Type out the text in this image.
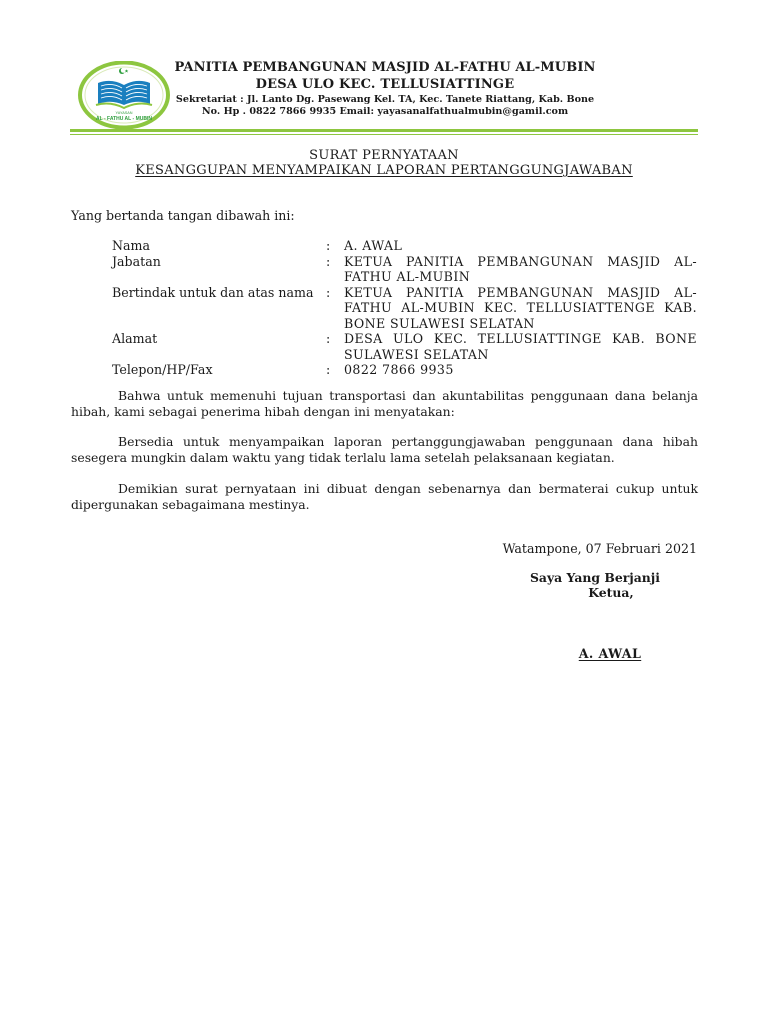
YAYASAN
AL - FATHU AL - MUBIN
PANITIA PEMBANGUNAN MASJID AL-FATHU AL-MUBIN
DESA ULO KEC. TELLUSIATTINGE
Sekretariat : Jl. Lanto Dg. Pasewang Kel. TA, Kec. Tanete Riattang, Kab. Bone
No. Hp . 0822 7866 9935 Email: yayasanalfathualmubin@gamil.com
SURAT PERNYATAAN
KESANGGUPAN MENYAMPAIKAN LAPORAN PERTANGGUNGJAWABAN
Yang bertanda tangan dibawah ini:
Nama	:	A. AWAL
Jabatan	:	KETUA PANITIA PEMBANGUNAN MASJID AL-FATHU AL-MUBIN
Bertindak untuk dan atas nama :	KETUA PANITIA PEMBANGUNAN MASJID AL-FATHU AL-MUBIN KEC. TELLUSIATTENGE KAB. BONE SULAWESI SELATAN
Alamat	:	DESA ULO KEC. TELLUSIATTINGE KAB. BONE SULAWESI SELATAN
Telepon/HP/Fax	:	0822 7866 9935
Bahwa untuk memenuhi tujuan transportasi dan akuntabilitas penggunaan dana belanja hibah, kami sebagai penerima hibah dengan ini menyatakan:
Bersedia untuk menyampaikan laporan pertanggungjawaban penggunaan dana hibah sesegera mungkin dalam waktu yang tidak terlalu lama setelah pelaksanaan kegiatan.
Demikian surat pernyataan ini dibuat dengan sebenarnya dan bermaterai cukup untuk dipergunakan sebagaimana mestinya.
Watampone, 07 Februari 2021
Saya Yang Berjanji
Ketua,
A. AWAL
